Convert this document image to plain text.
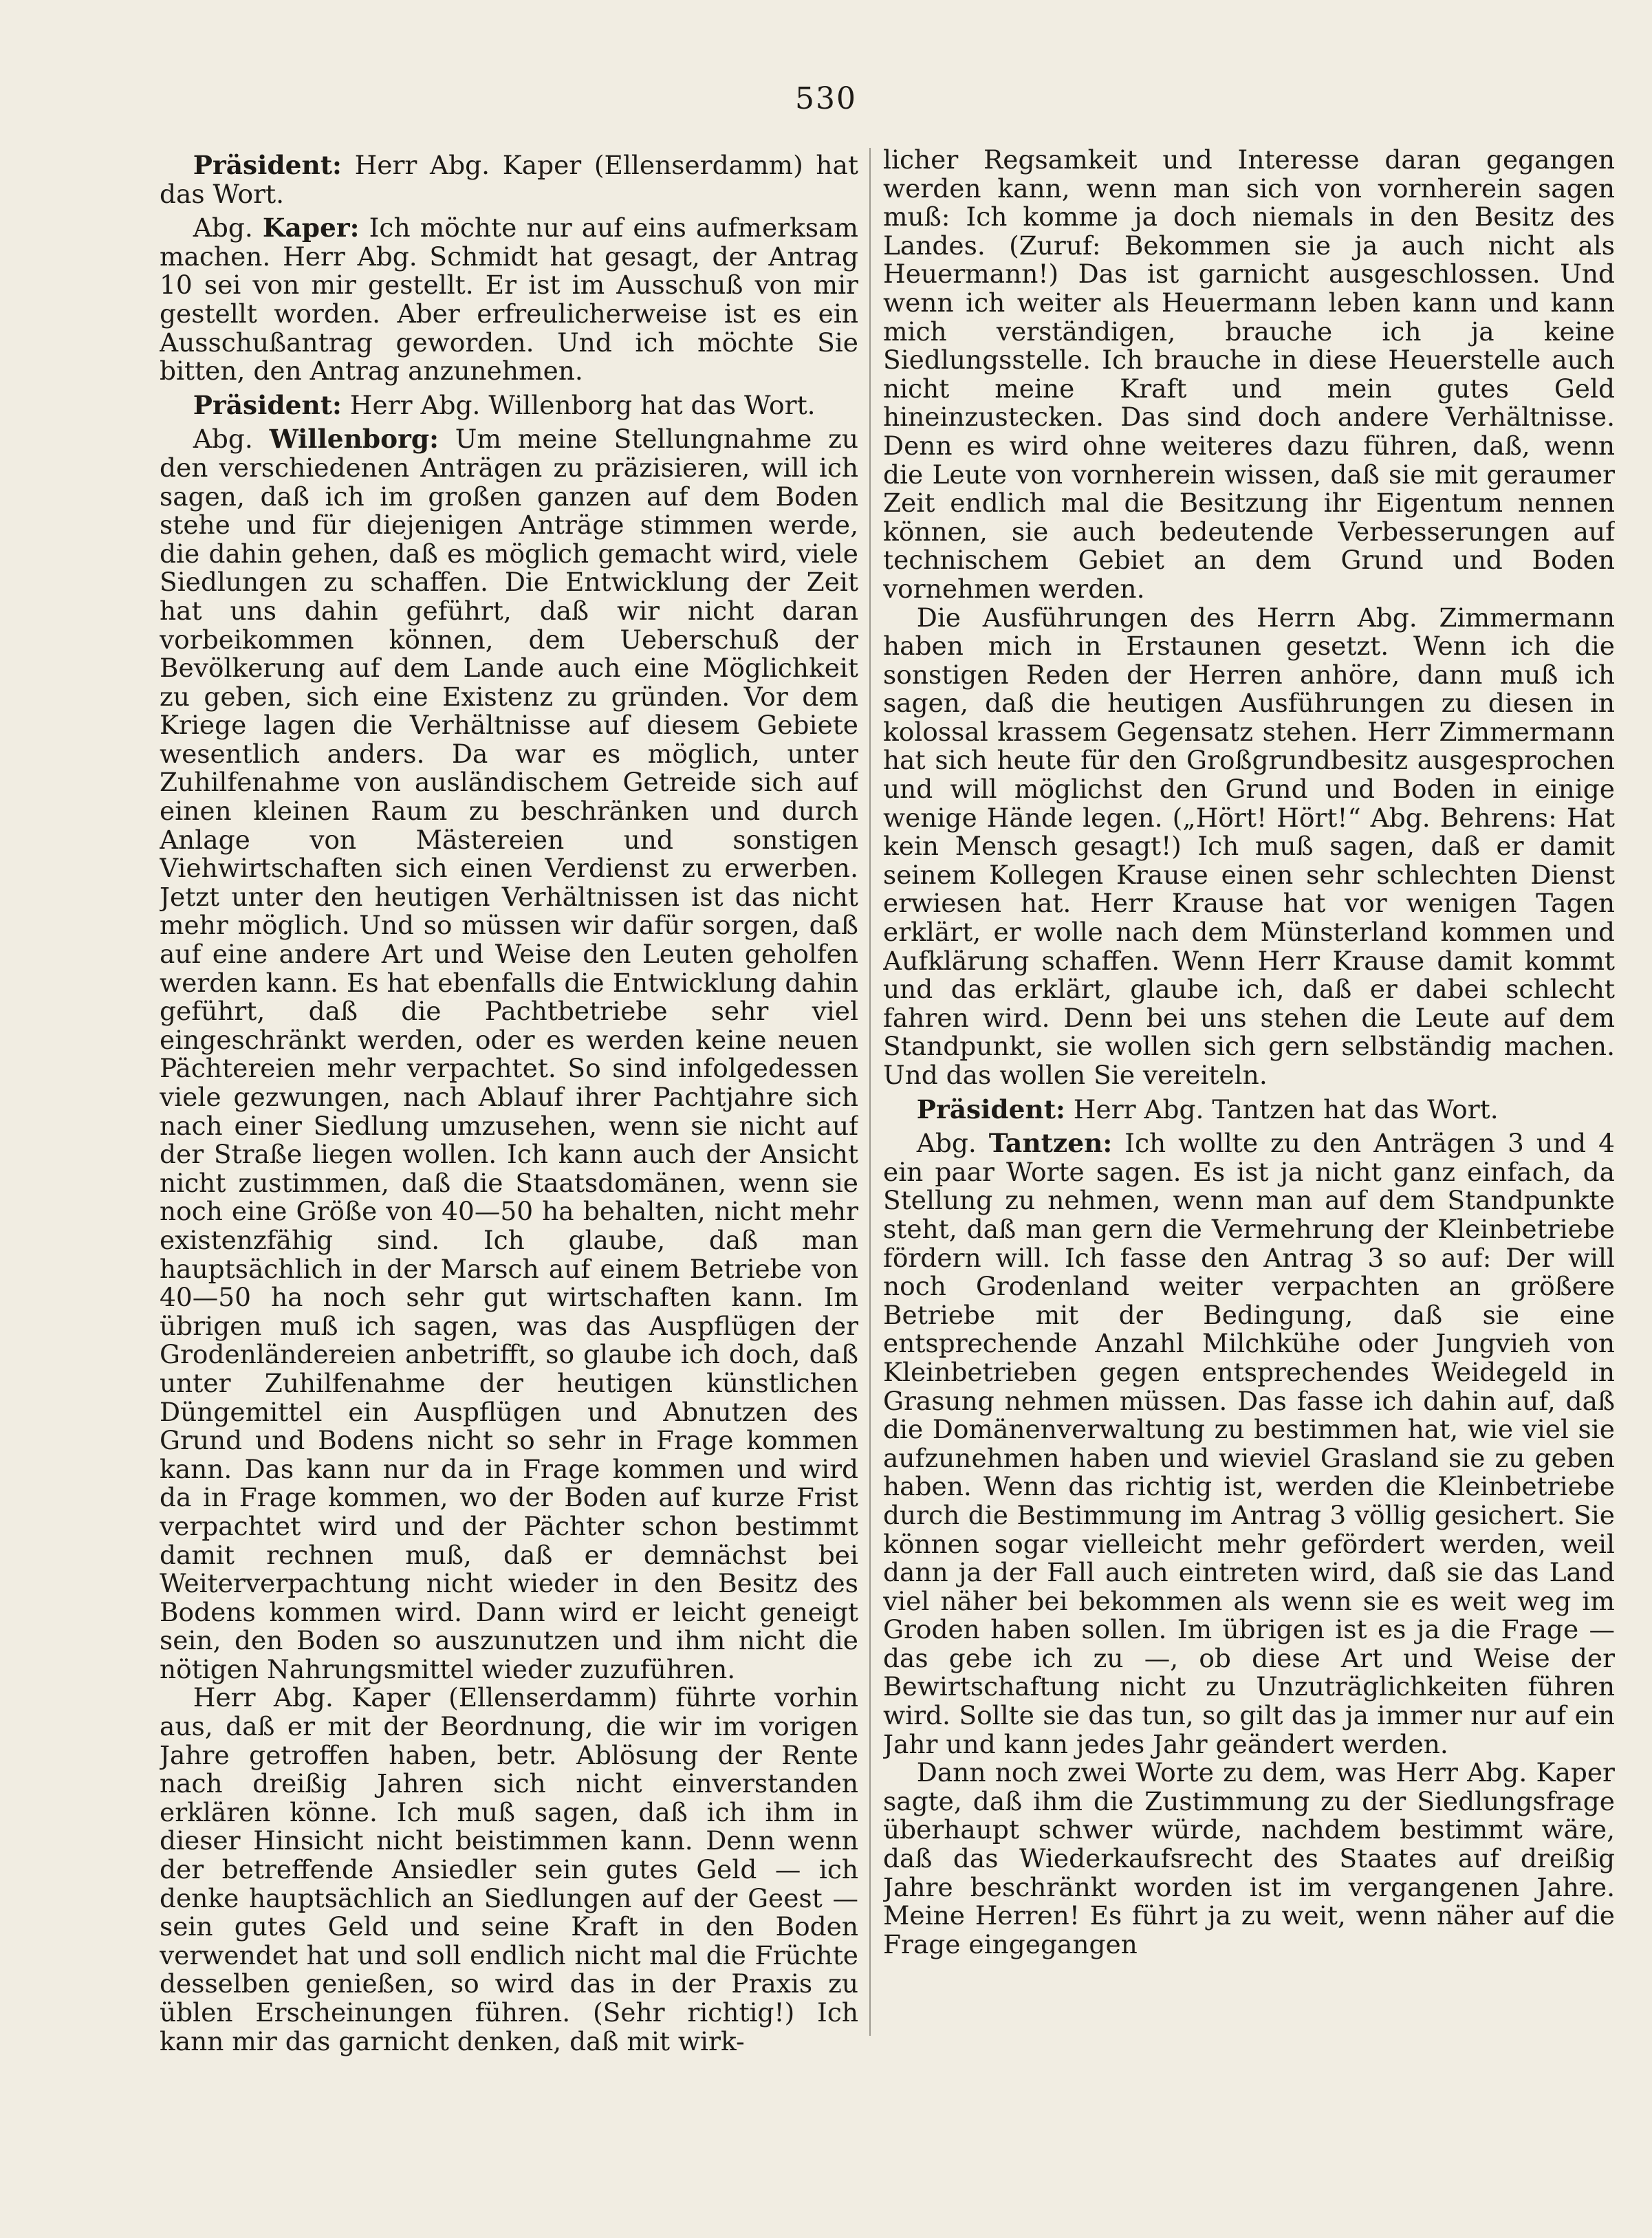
530

Präsident: Herr Abg. Kaper (Ellenserdamm) hat das Wort.

Abg. Kaper: Ich möchte nur auf eins aufmerksam machen. Herr Abg. Schmidt hat gesagt, der Antrag 10 sei von mir gestellt. Er ist im Ausschuß von mir gestellt worden. Aber erfreulicherweise ist es ein Ausschußantrag geworden. Und ich möchte Sie bitten, den Antrag anzunehmen.

Präsident: Herr Abg. Willenborg hat das Wort.

Abg. Willenborg: Um meine Stellungnahme zu den verschiedenen Anträgen zu präzisieren, will ich sagen, daß ich im großen ganzen auf dem Boden stehe und für diejenigen Anträge stimmen werde, die dahin gehen, daß es möglich gemacht wird, viele Siedlungen zu schaffen. Die Entwicklung der Zeit hat uns dahin geführt, daß wir nicht daran vorbeikommen können, dem Ueberschuß der Bevölkerung auf dem Lande auch eine Möglichkeit zu geben, sich eine Existenz zu gründen. Vor dem Kriege lagen die Verhältnisse auf diesem Gebiete wesentlich anders. Da war es möglich, unter Zuhilfenahme von ausländischem Getreide sich auf einen kleinen Raum zu beschränken und durch Anlage von Mästereien und sonstigen Viehwirtschaften sich einen Verdienst zu erwerben. Jetzt unter den heutigen Verhältnissen ist das nicht mehr möglich. Und so müssen wir dafür sorgen, daß auf eine andere Art und Weise den Leuten geholfen werden kann. Es hat ebenfalls die Entwicklung dahin geführt, daß die Pachtbetriebe sehr viel eingeschränkt werden, oder es werden keine neuen Pächtereien mehr verpachtet. So sind infolgedessen viele gezwungen, nach Ablauf ihrer Pachtjahre sich nach einer Siedlung umzusehen, wenn sie nicht auf der Straße liegen wollen. Ich kann auch der Ansicht nicht zustimmen, daß die Staatsdomänen, wenn sie noch eine Größe von 40—50 ha behalten, nicht mehr existenzfähig sind. Ich glaube, daß man hauptsächlich in der Marsch auf einem Betriebe von 40—50 ha noch sehr gut wirtschaften kann. Im übrigen muß ich sagen, was das Auspflügen der Grodenländereien anbetrifft, so glaube ich doch, daß unter Zuhilfenahme der heutigen künstlichen Düngemittel ein Auspflügen und Abnutzen des Grund und Bodens nicht so sehr in Frage kommen kann. Das kann nur da in Frage kommen und wird da in Frage kommen, wo der Boden auf kurze Frist verpachtet wird und der Pächter schon bestimmt damit rechnen muß, daß er demnächst bei Weiterverpachtung nicht wieder in den Besitz des Bodens kommen wird. Dann wird er leicht geneigt sein, den Boden so auszunutzen und ihm nicht die nötigen Nahrungsmittel wieder zuzuführen.

Herr Abg. Kaper (Ellenserdamm) führte vorhin aus, daß er mit der Beordnung, die wir im vorigen Jahre getroffen haben, betr. Ablösung der Rente nach dreißig Jahren sich nicht einverstanden erklären könne. Ich muß sagen, daß ich ihm in dieser Hinsicht nicht beistimmen kann. Denn wenn der betreffende Ansiedler sein gutes Geld — ich denke hauptsächlich an Siedlungen auf der Geest — sein gutes Geld und seine Kraft in den Boden verwendet hat und soll endlich nicht mal die Früchte desselben genießen, so wird das in der Praxis zu üblen Erscheinungen führen. (Sehr richtig!) Ich kann mir das garnicht denken, daß mit wirk-

licher Regsamkeit und Interesse daran gegangen werden kann, wenn man sich von vornherein sagen muß: Ich komme ja doch niemals in den Besitz des Landes. (Zuruf: Bekommen sie ja auch nicht als Heuermann!) Das ist garnicht ausgeschlossen. Und wenn ich weiter als Heuermann leben kann und kann mich verständigen, brauche ich ja keine Siedlungsstelle. Ich brauche in diese Heuerstelle auch nicht meine Kraft und mein gutes Geld hineinzustecken. Das sind doch andere Verhältnisse. Denn es wird ohne weiteres dazu führen, daß, wenn die Leute von vornherein wissen, daß sie mit geraumer Zeit endlich mal die Besitzung ihr Eigentum nennen können, sie auch bedeutende Verbesserungen auf technischem Gebiet an dem Grund und Boden vornehmen werden.

Die Ausführungen des Herrn Abg. Zimmermann haben mich in Erstaunen gesetzt. Wenn ich die sonstigen Reden der Herren anhöre, dann muß ich sagen, daß die heutigen Ausführungen zu diesen in kolossal krassem Gegensatz stehen. Herr Zimmermann hat sich heute für den Großgrundbesitz ausgesprochen und will möglichst den Grund und Boden in einige wenige Hände legen. („Hört! Hört!“ Abg. Behrens: Hat kein Mensch gesagt!) Ich muß sagen, daß er damit seinem Kollegen Krause einen sehr schlechten Dienst erwiesen hat. Herr Krause hat vor wenigen Tagen erklärt, er wolle nach dem Münsterland kommen und Aufklärung schaffen. Wenn Herr Krause damit kommt und das erklärt, glaube ich, daß er dabei schlecht fahren wird. Denn bei uns stehen die Leute auf dem Standpunkt, sie wollen sich gern selbständig machen. Und das wollen Sie vereiteln.

Präsident: Herr Abg. Tantzen hat das Wort.

Abg. Tantzen: Ich wollte zu den Anträgen 3 und 4 ein paar Worte sagen. Es ist ja nicht ganz einfach, da Stellung zu nehmen, wenn man auf dem Standpunkte steht, daß man gern die Vermehrung der Kleinbetriebe fördern will. Ich fasse den Antrag 3 so auf: Der will noch Grodenland weiter verpachten an größere Betriebe mit der Bedingung, daß sie eine entsprechende Anzahl Milchkühe oder Jungvieh von Kleinbetrieben gegen entsprechendes Weidegeld in Grasung nehmen müssen. Das fasse ich dahin auf, daß die Domänenverwaltung zu bestimmen hat, wie viel sie aufzunehmen haben und wieviel Grasland sie zu geben haben. Wenn das richtig ist, werden die Kleinbetriebe durch die Bestimmung im Antrag 3 völlig gesichert. Sie können sogar vielleicht mehr gefördert werden, weil dann ja der Fall auch eintreten wird, daß sie das Land viel näher bei bekommen als wenn sie es weit weg im Groden haben sollen. Im übrigen ist es ja die Frage — das gebe ich zu —, ob diese Art und Weise der Bewirtschaftung nicht zu Unzuträglichkeiten führen wird. Sollte sie das tun, so gilt das ja immer nur auf ein Jahr und kann jedes Jahr geändert werden.

Dann noch zwei Worte zu dem, was Herr Abg. Kaper sagte, daß ihm die Zustimmung zu der Siedlungsfrage überhaupt schwer würde, nachdem bestimmt wäre, daß das Wiederkaufsrecht des Staates auf dreißig Jahre beschränkt worden ist im vergangenen Jahre. Meine Herren! Es führt ja zu weit, wenn näher auf die Frage eingegangen
